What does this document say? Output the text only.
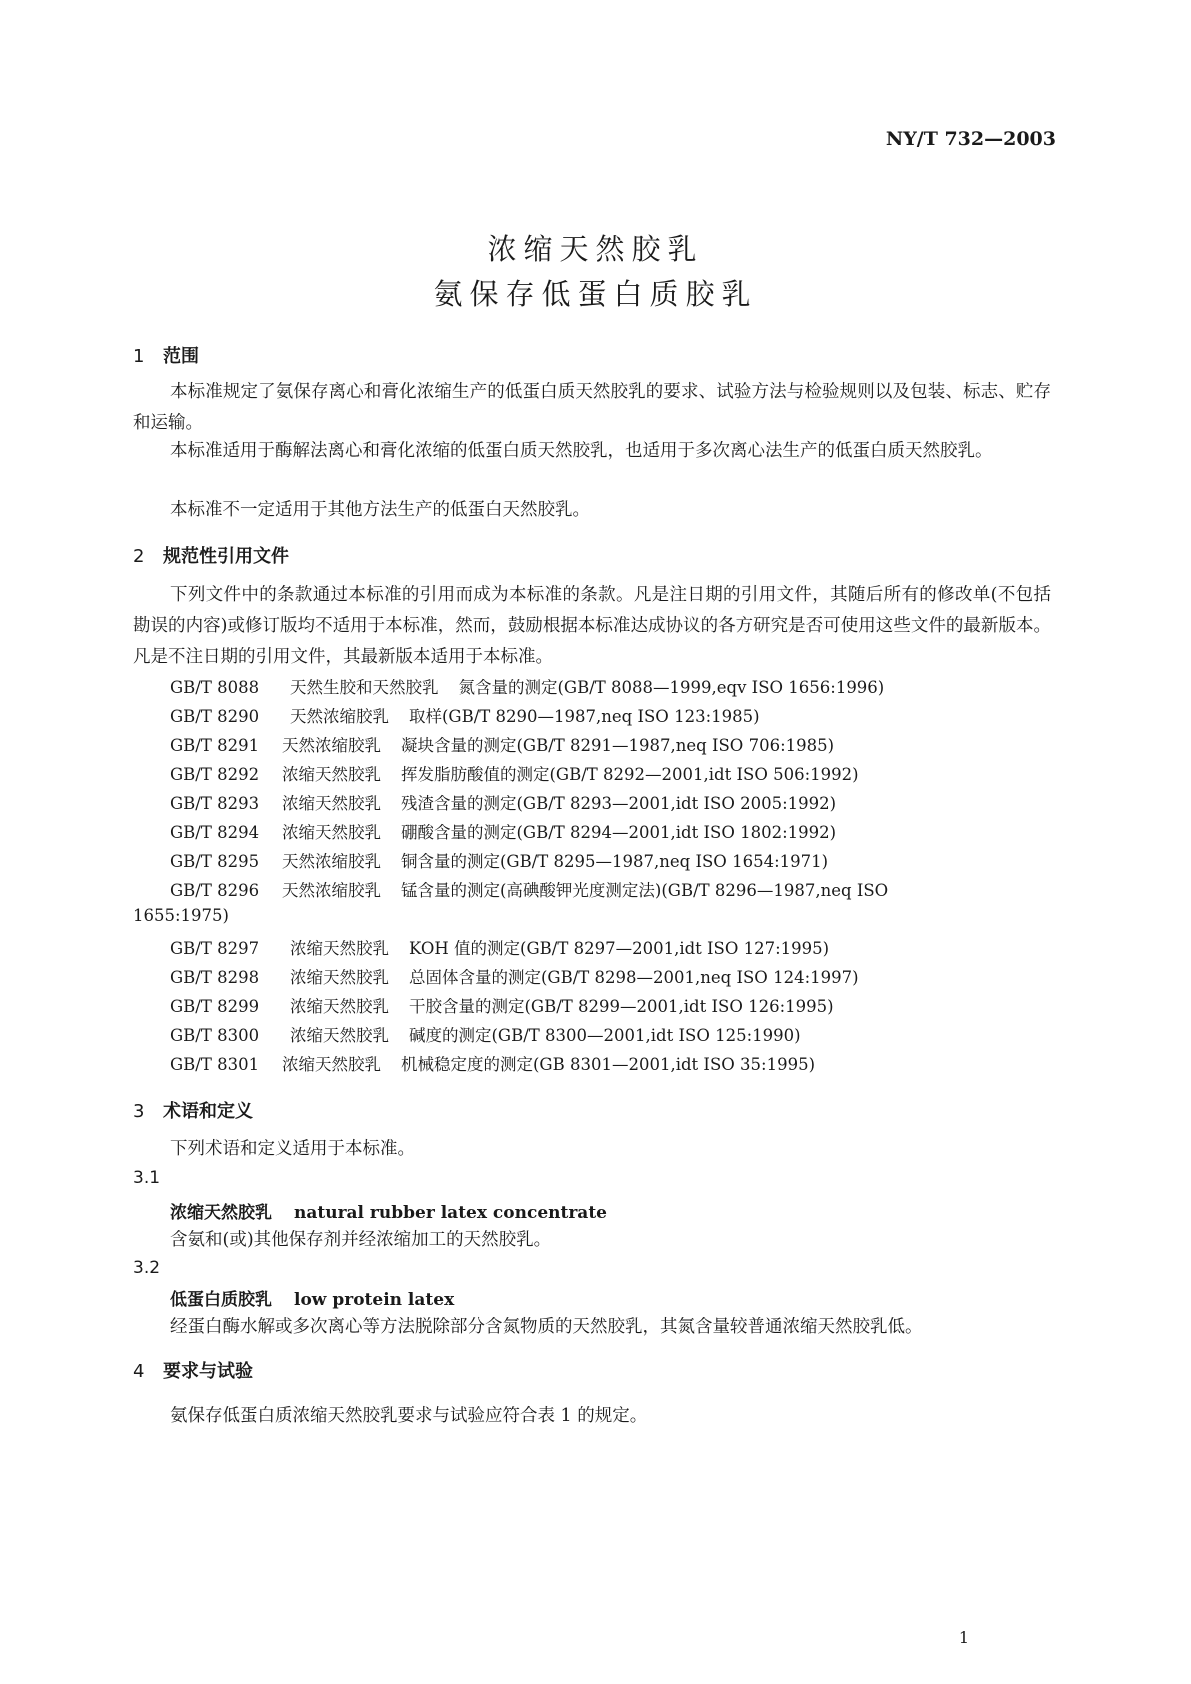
NY/T 732—2003
浓缩天然胶乳
氨保存低蛋白质胶乳
1 范围

本标准规定了氨保存离心和膏化浓缩生产的低蛋白质天然胶乳的要求、试验方法与检验规则以及包装、标志、贮存和运输。

本标准适用于酶解法离心和膏化浓缩的低蛋白质天然胶乳，也适用于多次离心法生产的低蛋白质天然胶乳。

本标准不一定适用于其他方法生产的低蛋白天然胶乳。

2 规范性引用文件

下列文件中的条款通过本标准的引用而成为本标准的条款。凡是注日期的引用文件，其随后所有的修改单(不包括勘误的内容)或修订版均不适用于本标准，然而，鼓励根据本标准达成协议的各方研究是否可使用这些文件的最新版本。凡是不注日期的引用文件，其最新版本适用于本标准。

GB/T 8088 天然生胶和天然胶乳 氮含量的测定(GB/T 8088—1999,eqv ISO 1656:1996)
GB/T 8290 天然浓缩胶乳 取样(GB/T 8290—1987,neq ISO 123:1985)
GB/T 8291 天然浓缩胶乳 凝块含量的测定(GB/T 8291—1987,neq ISO 706:1985)
GB/T 8292 浓缩天然胶乳 挥发脂肪酸值的测定(GB/T 8292—2001,idt ISO 506:1992)
GB/T 8293 浓缩天然胶乳 残渣含量的测定(GB/T 8293—2001,idt ISO 2005:1992)
GB/T 8294 浓缩天然胶乳 硼酸含量的测定(GB/T 8294—2001,idt ISO 1802:1992)
GB/T 8295 天然浓缩胶乳 铜含量的测定(GB/T 8295—1987,neq ISO 1654:1971)
GB/T 8296 天然浓缩胶乳 锰含量的测定(高碘酸钾光度测定法)(GB/T 8296—1987,neq ISO
1655:1975)
GB/T 8297 浓缩天然胶乳 KOH 值的测定(GB/T 8297—2001,idt ISO 127:1995)
GB/T 8298 浓缩天然胶乳 总固体含量的测定(GB/T 8298—2001,neq ISO 124:1997)
GB/T 8299 浓缩天然胶乳 干胶含量的测定(GB/T 8299—2001,idt ISO 126:1995)
GB/T 8300 浓缩天然胶乳 碱度的测定(GB/T 8300—2001,idt ISO 125:1990)
GB/T 8301 浓缩天然胶乳 机械稳定度的测定(GB 8301—2001,idt ISO 35:1995)
3 术语和定义
下列术语和定义适用于本标准。
3.1
浓缩天然胶乳 natural rubber latex concentrate
含氨和(或)其他保存剂并经浓缩加工的天然胶乳。
3.2
低蛋白质胶乳 low protein latex
经蛋白酶水解或多次离心等方法脱除部分含氮物质的天然胶乳，其氮含量较普通浓缩天然胶乳低。
4 要求与试验
氨保存低蛋白质浓缩天然胶乳要求与试验应符合表 1 的规定。
1
